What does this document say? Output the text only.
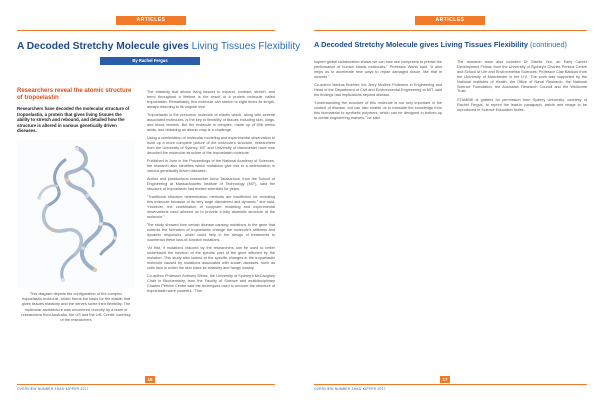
ARTICLES
A Decoded Stretchy Molecule gives Living Tissues Flexibility
By Rachel Fergus
Researchers reveal the atomic structure of tropoelastin
Researchers have decoded the molecular structure of tropoelastin, a protein that gives living tissues the ability to stretch and rebound, and detailed how the structure is altered in various genetically driven diseases.
This diagram depicts the configuration of the complex tropoelastin molecule, which forms the basis for the elastin that gives tissues elasticity and the nerves some their flexibility. The molecular architecture was uncovered recently by a team of researchers from Australia, the US and the UK. Credit: courtesy of the researchers

The elasticity that allows living tissues to expand, contract, stretch, and bend throughout a lifetime is the result of a protein molecule called tropoelastin. Remarkably, this molecule can stretch to eight times its length, always returning to its original size.

Tropoelastin is the precursor molecule of elastin which, along with several associated molecules, is the key to flexibility of tissues including skin, lungs, and blood vessels. But the molecule is complex, made up of 698 amino acids, and obtaining an atomic map is a challenge.

Using a combination of molecular modeling and experimental observation to build up a more complete picture of the molecule's structure, researchers from the University of Sydney, MIT and University of Manchester have now decoded the molecular structure of the tropoelastin molecule.

Published in June in the Proceedings of the National Academy of Sciences, the research also identifies which mutations give rise to a deterioration in various genetically driven diseases.

Author and postdoctoral researcher Anna Tarakanova, from the School of Engineering at Massachusetts Institute of Technology (MIT), said the structure of tropoelastin had eluded scientists for years.

“Traditional structure determination methods are insufficient for revealing this molecule because of its very large disordered and dynamic,” she said. “However, the combination of computer modeling and experimental observations used allowed us to provide a fully atomistic structure of the molecule.”

The study showed how certain disease-causing mutations in the gene that controls the formation of tropoelastin change the molecule's stiffness and dynamic responses, which could help in the design of treatments to counteract these loss-of-function mutations.

“At first, if mutations induced by the researchers can be used to better understand the function of the specific part of the gene affected by the mutation. This study also looked at the specific changes in the tropoelastin molecule caused by mutations associated with known diseases, such as cutis laxa in which the skin loses its elasticity and hangs loosely.

Co-author Professor Anthony Weiss, the University of Sydney's McCaughey Chair in Biochemistry, from the Faculty of Science and multidisciplinary Charles Perkins Centre said the techniques used to uncover the structure of tropoelastin were powerful. “This

16
OVERVIEW NUMBER ZHAO KIPPER 2017
ARTICLES
A Decoded Stretchy Molecule gives Living Tissues Flexibility (continued)

superb global collaboration shows we can now use computers to predict the performance of human elastic molecules,” Professor Weiss said. “It also helps us to accelerate new ways to repair damaged tissue, like that in wounds.”

Co-author Markus Buehler, the Jerry McAfee Professor in Engineering and Head of the Department of Civil and Environmental Engineering at MIT, said the findings had implications beyond disease.

“Understanding the structure of this molecule is not only important in the context of disease, but can also enable us to translate the knowledge from this biomaterial to synthetic polymers, which can be designed in bottom-up to create engineering marvels,” he said.

The research team also included Dr Giselle Yeo, an Early Career Development Fellow, from the University of Sydney's Charles Perkins Centre and School of Life and Environmental Sciences; Professor Clair Baldock from the University of Manchester in the U.K. The work was supported by the National Institutes of Health, the Office of Naval Research, the National Science Foundation, the Australian Research Council and the Wellcome Trust.

STAMBIK is grateful for permission from Sydney University, courtesy of Rachel Fergus, to reprint the lead-in paragraph, article and image to be reproduced in Science Education Notes.

17
OVERVIEW NUMBER ZHAO KIPPER 2017
